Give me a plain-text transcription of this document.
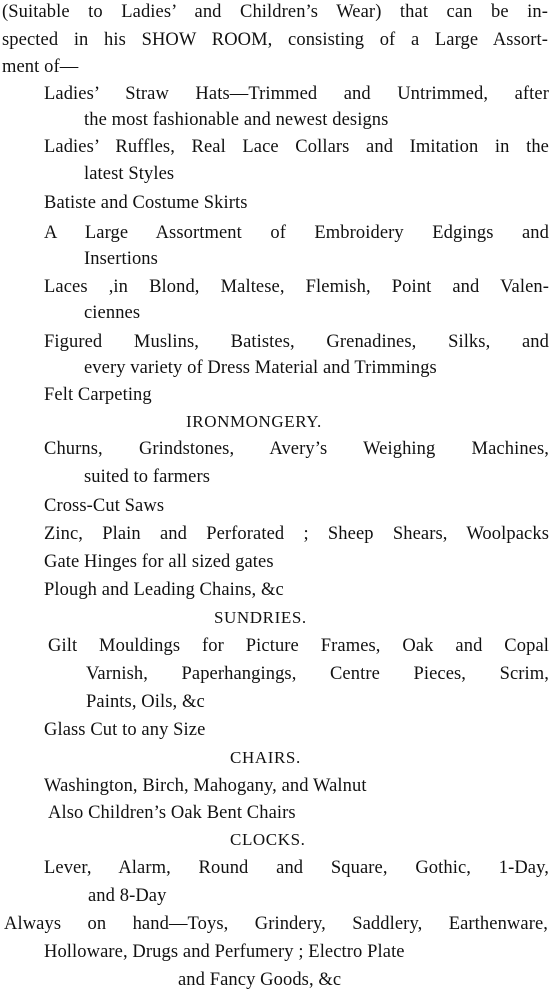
(Suitable to Ladies’ and Children’s Wear) that can be in-
spected in his SHOW ROOM, consisting of a Large Assort-
ment of—
Ladies’ Straw Hats—Trimmed and Untrimmed, after
the most fashionable and newest designs
Ladies’ Ruffles, Real Lace Collars and Imitation in the
latest Styles
Batiste and Costume Skirts
A Large Assortment of Embroidery Edgings and
Insertions
Laces ,in Blond, Maltese, Flemish, Point and Valen-
ciennes
Figured Muslins, Batistes, Grenadines, Silks, and
every variety of Dress Material and Trimmings
Felt Carpeting
IRONMONGERY.
Churns, Grindstones, Avery’s Weighing Machines,
suited to farmers
Cross-Cut Saws
Zinc, Plain and Perforated ; Sheep Shears, Woolpacks
Gate Hinges for all sized gates
Plough and Leading Chains, &c
SUNDRIES.
Gilt Mouldings for Picture Frames, Oak and Copal
Varnish, Paperhangings, Centre Pieces, Scrim,
Paints, Oils, &c
Glass Cut to any Size
CHAIRS.
Washington, Birch, Mahogany, and Walnut
Also Children’s Oak Bent Chairs
CLOCKS.
Lever, Alarm, Round and Square, Gothic, 1-Day,
and 8-Day
Always on hand—Toys, Grindery, Saddlery, Earthenware,
Holloware, Drugs and Perfumery ; Electro Plate
and Fancy Goods, &c
